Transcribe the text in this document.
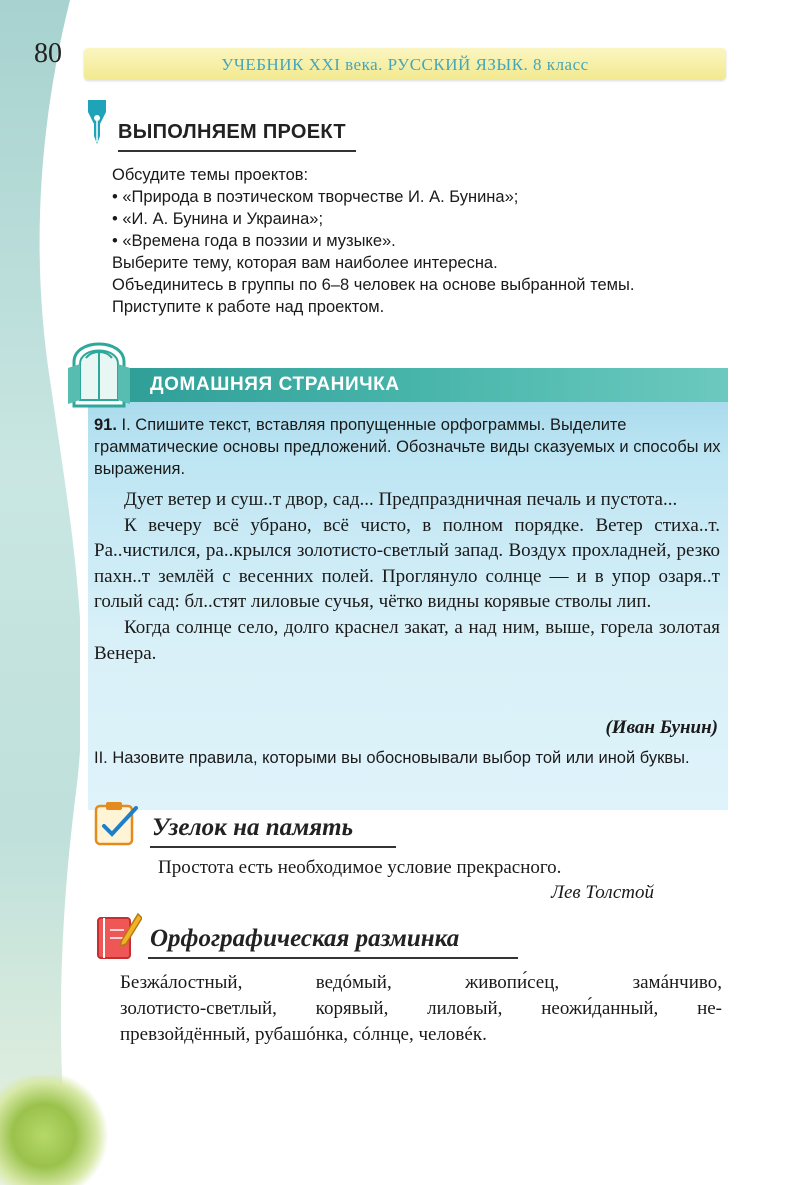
80	УЧЕБНИК XXI века. РУССКИЙ ЯЗЫК. 8 класс
ВЫПОЛНЯЕМ ПРОЕКТ
Обсудите темы проектов:
• «Природа в поэтическом творчестве И. А. Бунина»;
• «И. А. Бунина и Украина»;
• «Времена года в поэзии и музыке».
Выберите тему, которая вам наиболее интересна.
Объединитесь в группы по 6–8 человек на основе выбранной темы.
Приступите к работе над проектом.
ДОМАШНЯЯ СТРАНИЧКА
91. I. Спишите текст, вставляя пропущенные орфограммы. Выделите грамматические основы предложений. Обозначьте виды сказуемых и способы их выражения.

Дует ветер и суш..т двор, сад... Предпраздничная печаль и пустота...

К вечеру всё убрано, всё чисто, в полном порядке. Ветер стиха..т. Ра..чистился, ра..крылся золотисто-светлый запад. Воздух прохладней, резко пахн..т землёй с весенних полей. Проглянуло солнце — и в упор озаря..т голый сад: бл..стят лиловые сучья, чётко видны корявые стволы лип.

Когда солнце село, долго краснел закат, а над ним, выше, горела золотая Венера.

(Иван Бунин)
II. Назовите правила, которыми вы обосновывали выбор той или иной буквы.
Узелок на память
Простота есть необходимое условие прекрасного.
Лев Толстой
Орфографическая разминка
Безжáлостный, ведóмый, живопи́сец, замáнчиво,
золотисто-светлый, корявый, лиловый, неожи́данный, не-
превзойдённый, рубашóнка, сóлнце, человéк.
